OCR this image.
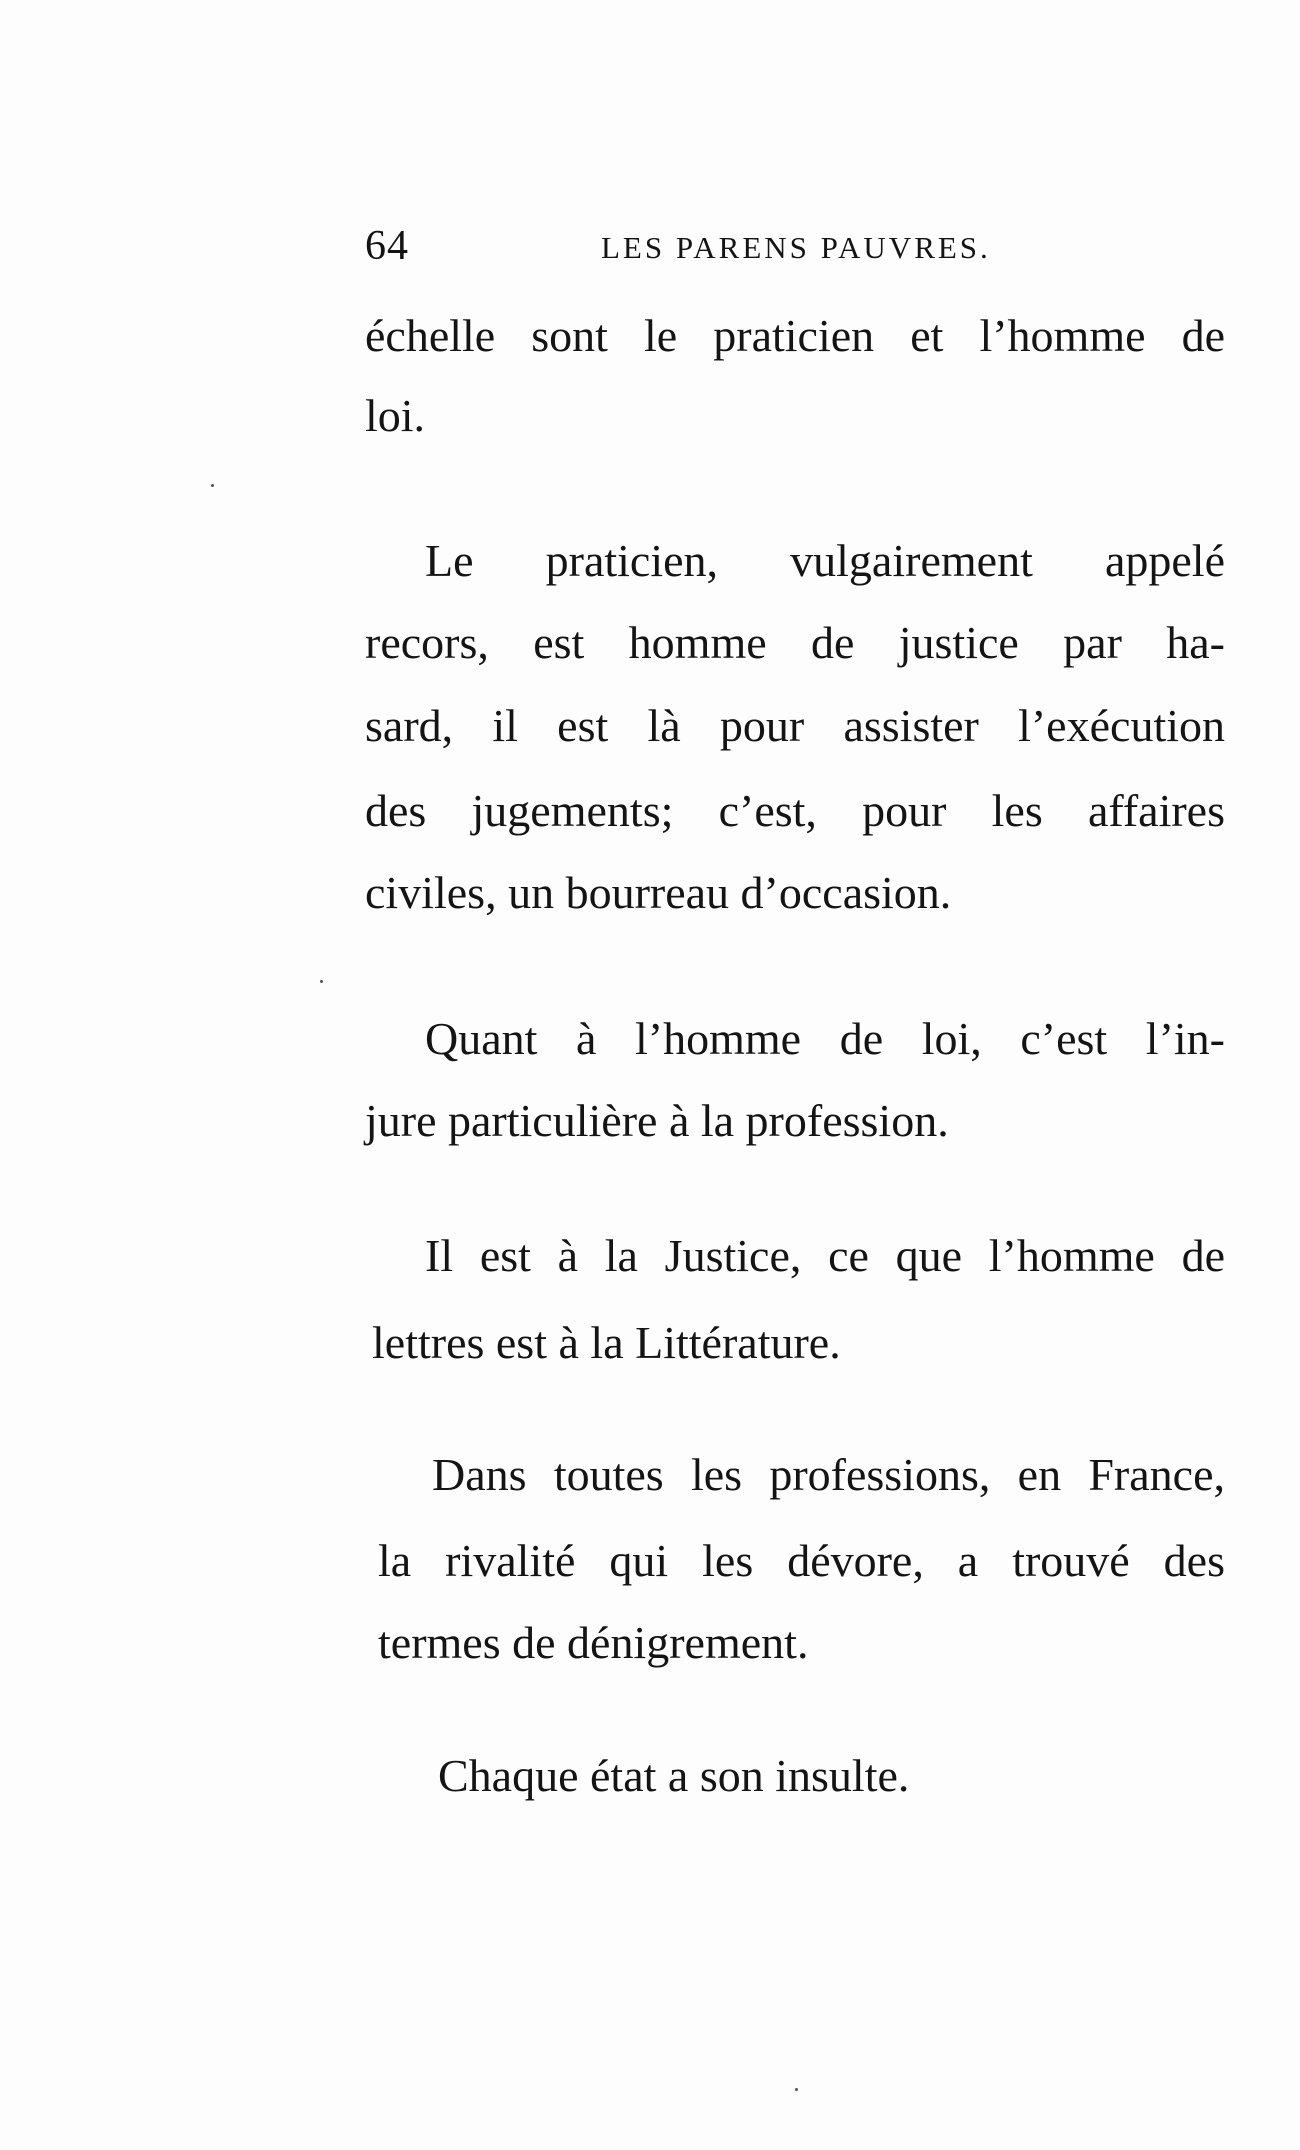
64	LES PARENS PAUVRES.
échelle sont le praticien et l’homme de
loi.
Le praticien, vulgairement appelé
recors, est homme de justice par ha-
sard, il est là pour assister l’exécution
des jugements; c’est, pour les affaires
civiles, un bourreau d’occasion.
Quant à l’homme de loi, c’est l’in-
jure particulière à la profession.
Il est à la Justice, ce que l’homme de
lettres est à la Littérature.
Dans toutes les professions, en France,
la rivalité qui les dévore, a trouvé des
termes de dénigrement.
Chaque état a son insulte.
